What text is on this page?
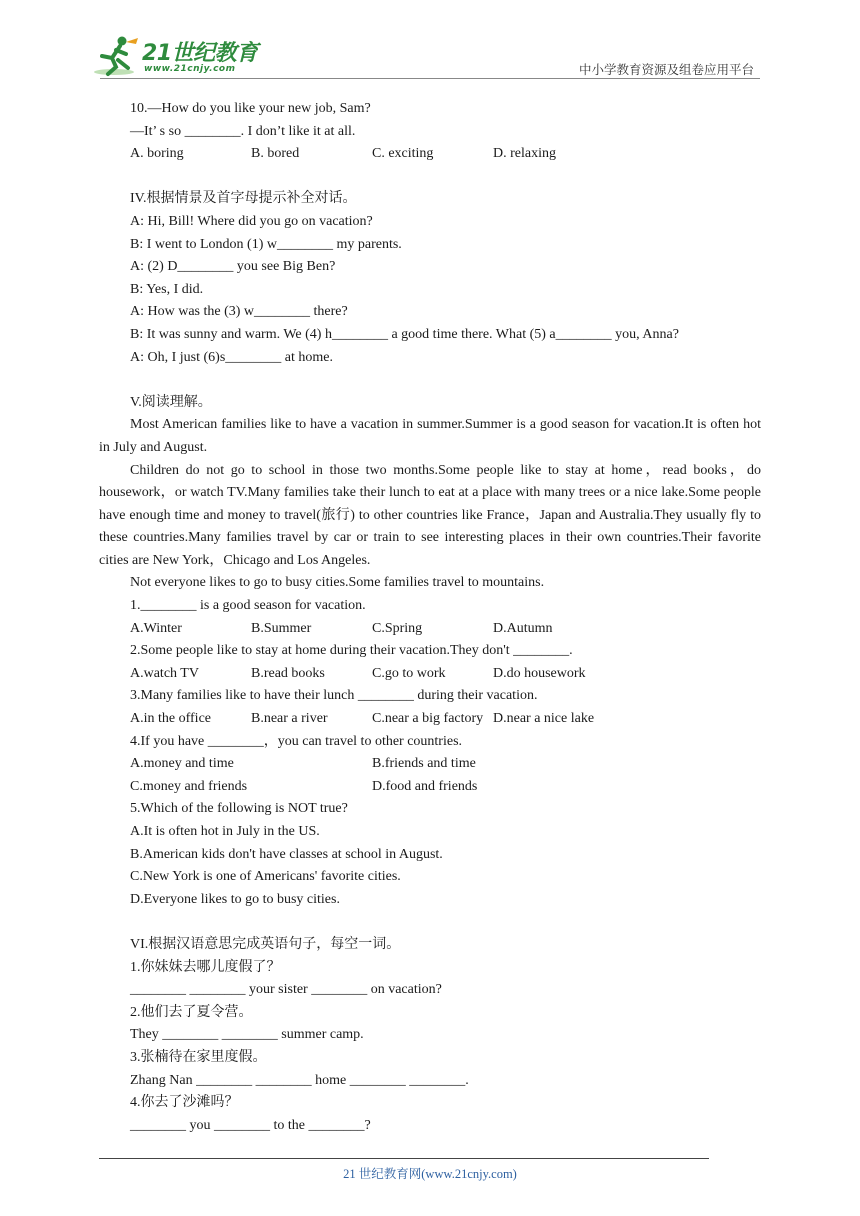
21世纪教育
www.21cnjy.com	中小学教育资源及组卷应用平台
10.—How do you like your new job, Sam?
—It’ s so ________. I don’t like it at all.
A. boring	B. bored	C. exciting	D. relaxing
IV.根据情景及首字母提示补全对话。
A: Hi, Bill! Where did you go on vacation?
B: I went to London (1) w________ my parents.
A: (2) D________ you see Big Ben?
B: Yes, I did.
A: How was the (3) w________ there?
B: It was sunny and warm. We (4) h________ a good time there. What (5) a________ you, Anna?
A: Oh, I just (6)s________ at home.
V.阅读理解。
Most American families like to have a vacation in summer.Summer is a good season for vacation.It is often hot in July and August.
Children do not go to school in those two months.Some people like to stay at home，read books，do housework，or watch TV.Many families take their lunch to eat at a place with many trees or a nice lake.Some people have enough time and money to travel(旅行) to other countries like France，Japan and Australia.They usually fly to these countries.Many families travel by car or train to see interesting places in their own countries.Their favorite cities are New York，Chicago and Los Angeles.
Not everyone likes to go to busy cities.Some families travel to mountains.
1.________ is a good season for vacation.
A.Winter	B.Summer	C.Spring	D.Autumn
2.Some people like to stay at home during their vacation.They don't ________.
A.watch TV	B.read books	C.go to work	D.do housework
3.Many families like to have their lunch ________ during their vacation.
A.in the office	B.near a river	C.near a big factory D.near a nice lake
4.If you have ________，you can travel to other countries.
A.money and time	B.friends and time
C.money and friends	D.food and friends
5.Which of the following is NOT true?
A.It is often hot in July in the US.
B.American kids don't have classes at school in August.
C.New York is one of Americans' favorite cities.
D.Everyone likes to go to busy cities.
VI.根据汉语意思完成英语句子，每空一词。
1.你妹妹去哪儿度假了？
________ ________ your sister ________ on vacation?
2.他们去了夏令营。
They ________ ________ summer camp.
3.张楠待在家里度假。
Zhang Nan ________ ________ home ________ ________.
4.你去了沙滩吗？
________ you ________ to the ________?
21 世纪教育网(www.21cnjy.com)
